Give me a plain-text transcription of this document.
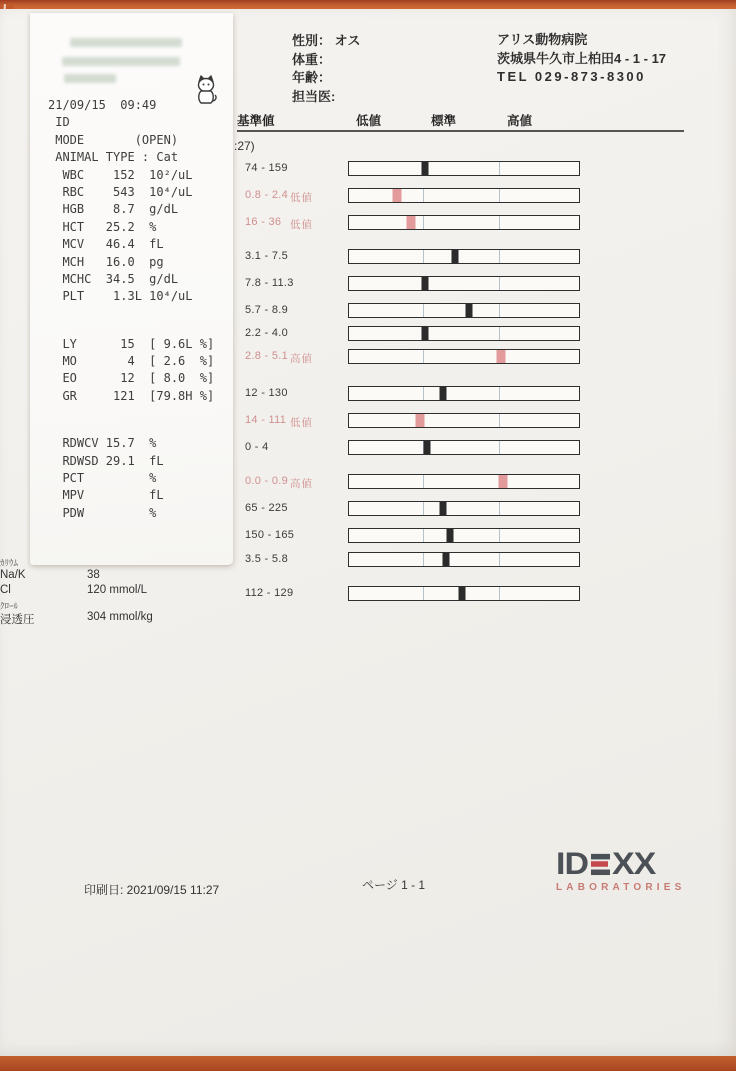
性別： オス
体重：
年齢：
担当医:
アリス動物病院
茨城県牛久市上柏田4 - 1 - 17
TEL 029-873-8300
基準値	低値	標準	高値
:27)
74 - 159
0.8 - 2.4 低値
16 - 36 低値
3.1 - 7.5
7.8 - 11.3
5.7 - 8.9
2.2 - 4.0
2.8 - 5.1 高値
12 - 130
14 - 111 低値
0 - 4
0.0 - 0.9 高値
65 - 225
150 - 165
3.5 - 5.8
112 - 129
ｶﾘｳﾑ
Na/K	38
Cl	120 mmol/L
ｸﾛｰﾙ
浸透圧	304 mmol/kg
印刷日: 2021/09/15 11:27	ページ 1 - 1
ID XX
LABORATORIES
21/09/15  09:49
ID
MODE       (OPEN)
ANIMAL TYPE : Cat
WBC    152  10²/uL
RBC    543  10⁴/uL
HGB    8.7  g/dL
HCT   25.2  %
MCV   46.4  fL
MCH   16.0  pg
MCHC  34.5  g/dL
PLT    1.3L 10⁴/uL
LY      15  [ 9.6L %]
MO       4  [ 2.6  %]
EO      12  [ 8.0  %]
GR     121  [79.8H %]
RDWCV 15.7  %
RDWSD 29.1  fL
PCT         %
MPV         fL
PDW         %
